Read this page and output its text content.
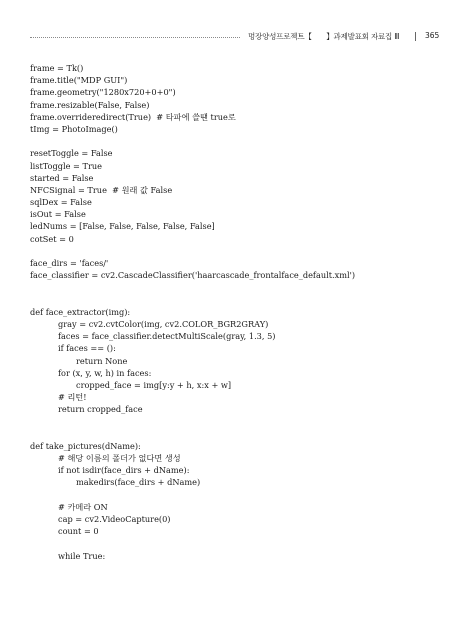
멍장양성프로젝트【　　】과제발표회 자료집 Ⅲ	365
frame = Tk()
frame.title("MDP GUI")
frame.geometry("1280x720+0+0")
frame.resizable(False, False)
frame.overrideredirect(True)  # 타파에 쓸땐 true로
tImg = PhotoImage()
resetToggle = False
listToggle = True
started = False
NFCSignal = True  # 원래 값 False
sqlDex = False
isOut = False
ledNums = [False, False, False, False, False]
cotSet = 0
face_dirs = 'faces/'
face_classifier = cv2.CascadeClassifier('haarcascade_frontalface_default.xml')
def face_extractor(img):
gray = cv2.cvtColor(img, cv2.COLOR_BGR2GRAY)
faces = face_classifier.detectMultiScale(gray, 1.3, 5)
if faces == ():
return None
for (x, y, w, h) in faces:
cropped_face = img[y:y + h, x:x + w]
# 리턴!
return cropped_face
def take_pictures(dName):
# 해당 이름의 폴더가 없다면 생성
if not isdir(face_dirs + dName):
makedirs(face_dirs + dName)
# 카메라 ON
cap = cv2.VideoCapture(0)
count = 0
while True:
